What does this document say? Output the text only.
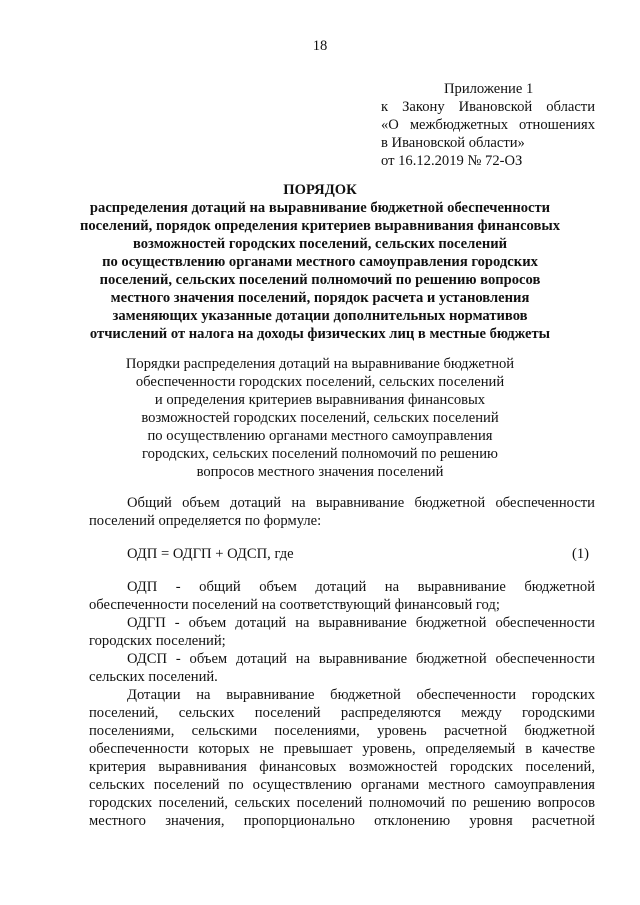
18
Приложение 1
к Закону Ивановской области
«О межбюджетных отношениях
в Ивановской области»
от 16.12.2019 № 72-ОЗ
ПОРЯДОК
распределения дотаций на выравнивание бюджетной обеспеченности
поселений, порядок определения критериев выравнивания финансовых
возможностей городских поселений, сельских поселений
по осуществлению органами местного самоуправления городских
поселений, сельских поселений полномочий по решению вопросов
местного значения поселений, порядок расчета и установления
заменяющих указанные дотации дополнительных нормативов
отчислений от налога на доходы физических лиц в местные бюджеты
Порядки распределения дотаций на выравнивание бюджетной
обеспеченности городских поселений, сельских поселений
и определения критериев выравнивания финансовых
возможностей городских поселений, сельских поселений
по осуществлению органами местного самоуправления
городских, сельских поселений полномочий по решению
вопросов местного значения поселений
Общий объем дотаций на выравнивание бюджетной обеспеченности
поселений определяется по формуле:
ОДП = ОДГП + ОДСП, где	(1)
ОДП - общий объем дотаций на выравнивание бюджетной
обеспеченности поселений на соответствующий финансовый год;
ОДГП - объем дотаций на выравнивание бюджетной обеспеченности
городских поселений;
ОДСП - объем дотаций на выравнивание бюджетной обеспеченности
сельских поселений.
Дотации на выравнивание бюджетной обеспеченности городских
поселений, сельских поселений распределяются между городскими
поселениями, сельскими поселениями, уровень расчетной бюджетной
обеспеченности которых не превышает уровень, определяемый в качестве
критерия выравнивания финансовых возможностей городских поселений,
сельских поселений по осуществлению органами местного самоуправления
городских поселений, сельских поселений полномочий по решению вопросов
местного значения, пропорционально отклонению уровня расчетной
